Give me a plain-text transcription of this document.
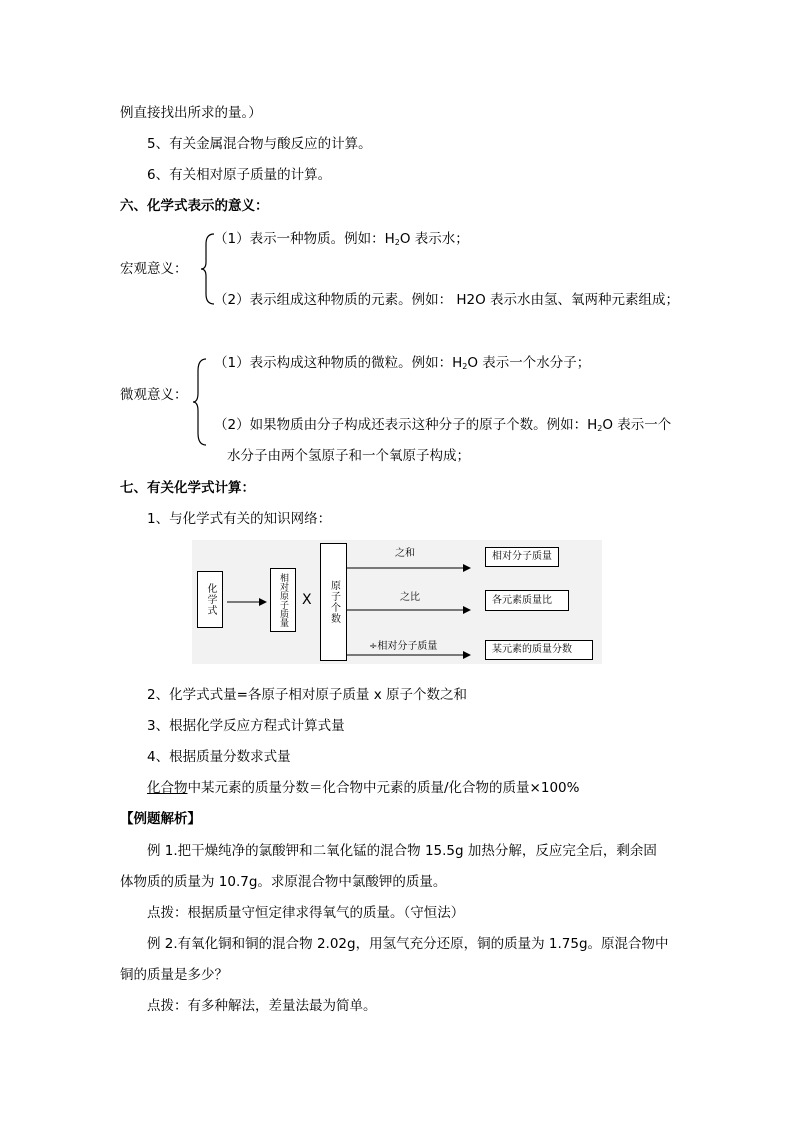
例直接找出所求的量。）
5、有关金属混合物与酸反应的计算。
6、有关相对原子质量的计算。
六、化学式表示的意义：
宏观意义：
（1）表示一种物质。例如：$H_2O$ 表示水；
（2）表示组成这种物质的元素。例如： H2O 表示水由氢、氧两种元素组成；
微观意义：
（1）表示构成这种物质的微粒。例如：$H_2O$ 表示一个水分子；
（2）如果物质由分子构成还表示这种分子的原子个数。例如：$H_2O$ 表示一个
水分子由两个氢原子和一个氧原子构成；
七、有关化学式计算：
1、与化学式有关的知识网络：
化学式	相对原子质量 X 原子个数
之和	相对分子质量
之比	各元素质量比
÷相对分子质量	某元素的质量分数
2、化学式式量=各原子相对原子质量 x 原子个数之和
3、根据化学反应方程式计算式量
4、根据质量分数求式量
化合物中某元素的质量分数＝化合物中元素的质量/化合物的质量×100%
【例题解析】
例 1.把干燥纯净的氯酸钾和二氧化锰的混合物 15.5g 加热分解，反应完全后，剩余固
体物质的质量为 10.7g。求原混合物中氯酸钾的质量。
点拨：根据质量守恒定律求得氧气的质量。（守恒法）
例 2.有氧化铜和铜的混合物 2.02g，用氢气充分还原，铜的质量为 1.75g。原混合物中
铜的质量是多少？
点拨：有多种解法，差量法最为简单。
